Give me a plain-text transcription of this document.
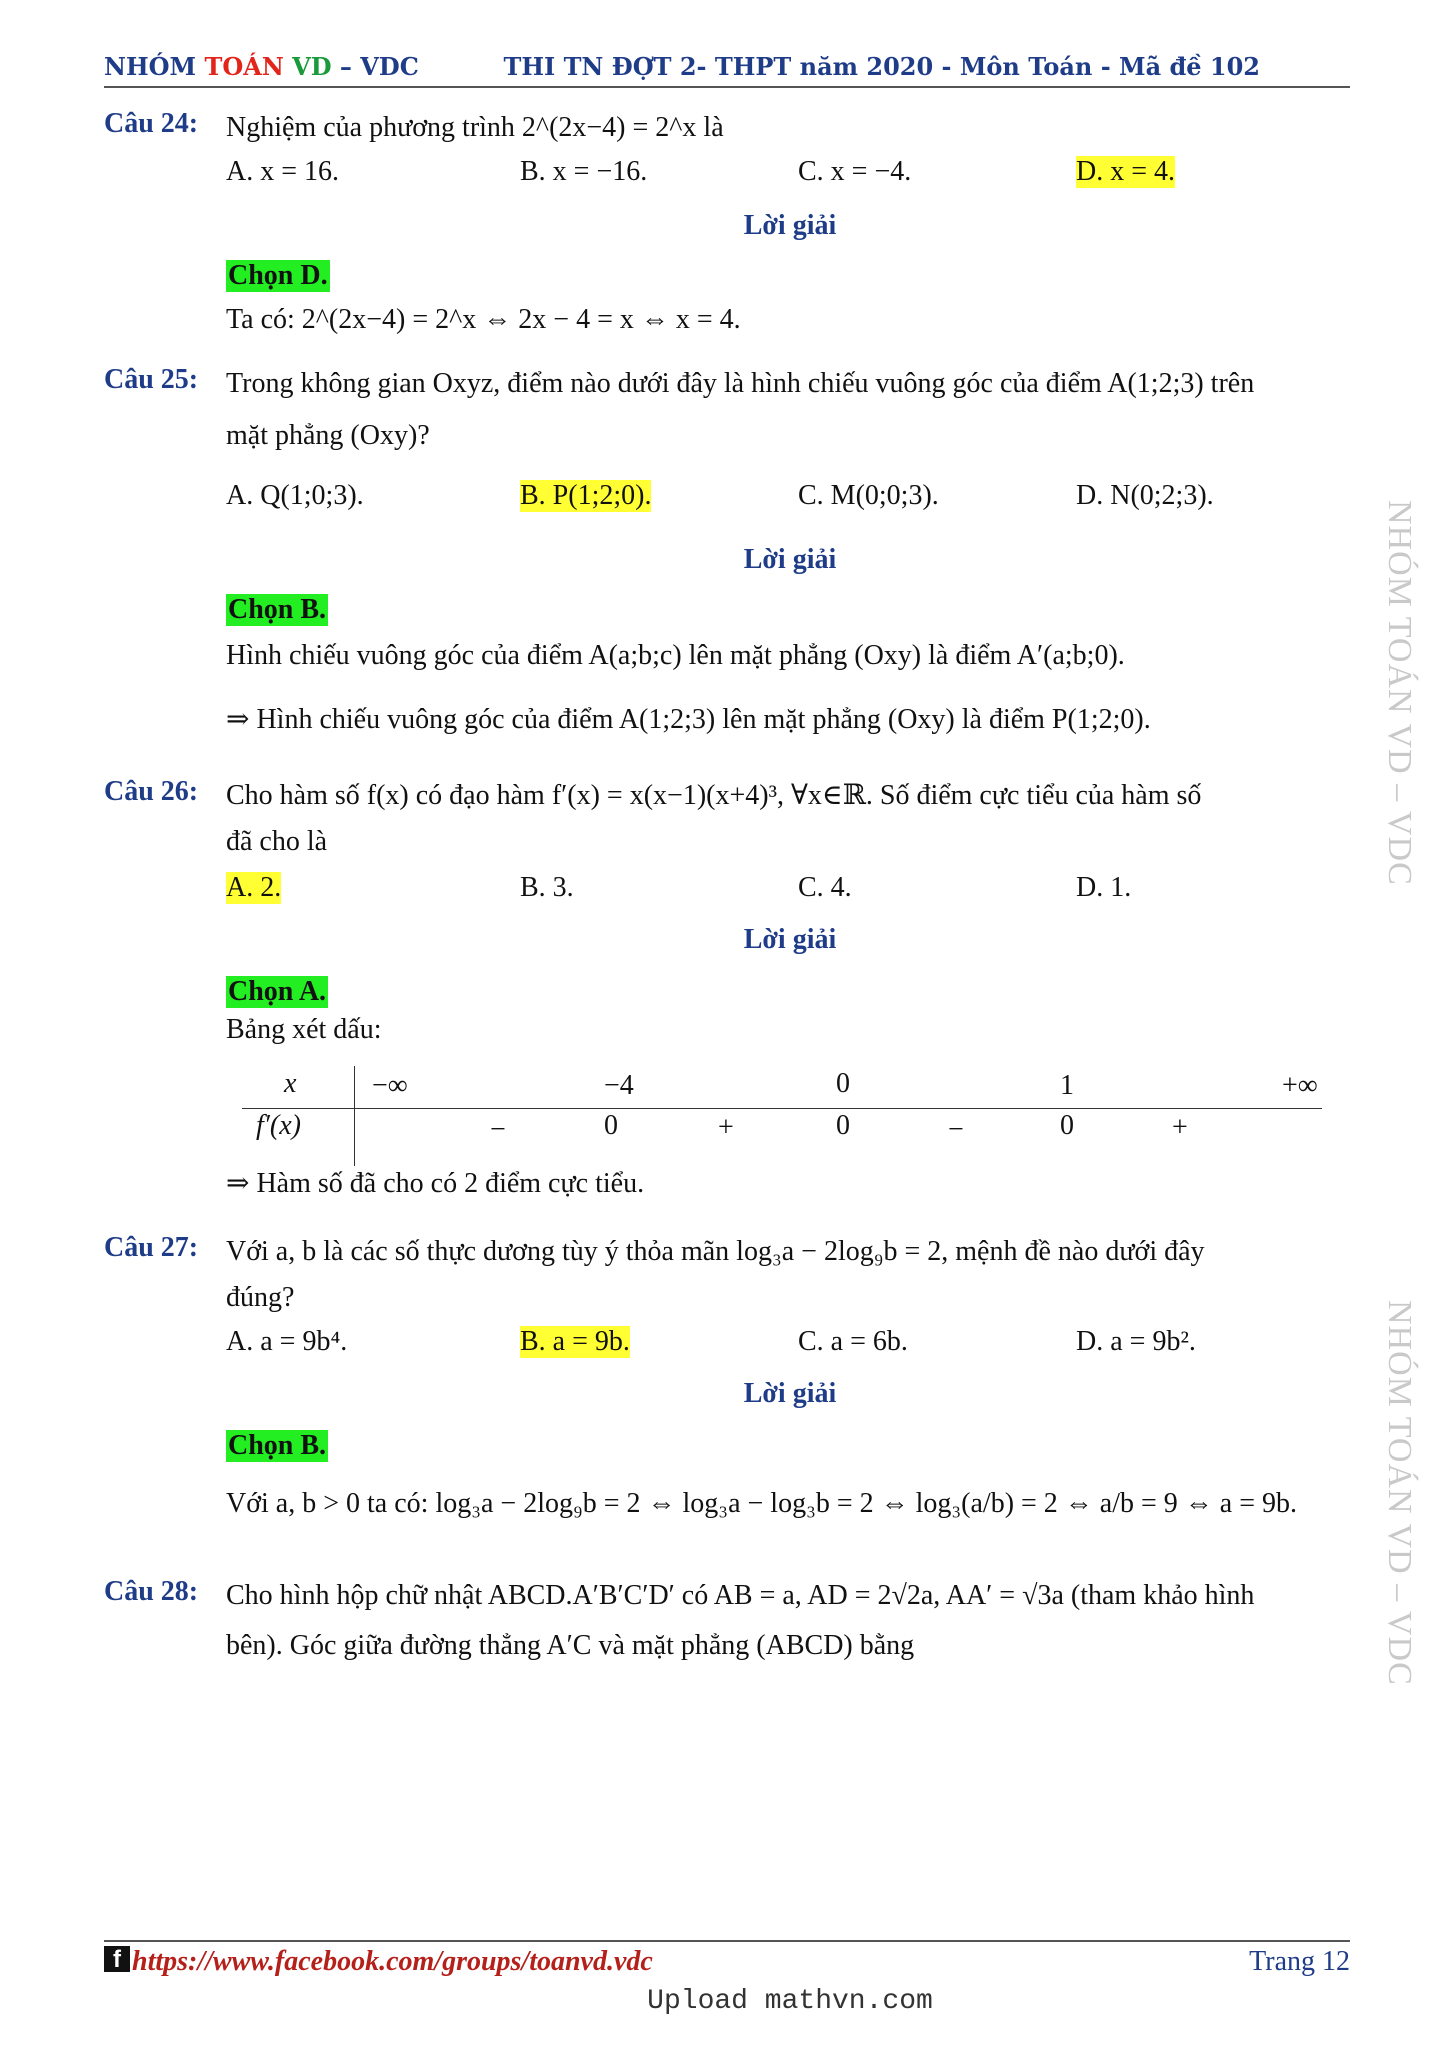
NHÓM TOÁN VD – VDC	THI TN ĐỢT 2- THPT năm 2020 - Môn Toán - Mã đề 102
NHÓM TOÁN VD – VDC
NHÓM TOÁN VD – VDC
Câu 24: Nghiệm của phương trình 2^(2x−4) = 2^x là
A. x = 16.	B. x = −16.	C. x = −4.	D. x = 4.
Lời giải
Chọn D.
Ta có: 2^(2x−4) = 2^x ⇔ 2x − 4 = x ⇔ x = 4.
Câu 25: Trong không gian Oxyz, điểm nào dưới đây là hình chiếu vuông góc của điểm A(1;2;3) trên
mặt phẳng (Oxy)?
A. Q(1;0;3).	B. P(1;2;0).	C. M(0;0;3).	D. N(0;2;3).
Lời giải
Chọn B.
Hình chiếu vuông góc của điểm A(a;b;c) lên mặt phẳng (Oxy) là điểm A′(a;b;0).
⇒ Hình chiếu vuông góc của điểm A(1;2;3) lên mặt phẳng (Oxy) là điểm P(1;2;0).
Câu 26: Cho hàm số f(x) có đạo hàm f′(x) = x(x−1)(x+4)³, ∀x∈ℝ. Số điểm cực tiểu của hàm số
đã cho là
A. 2.	B. 3.	C. 4.	D. 1.
Lời giải
Chọn A.
Bảng xét dấu:
x	−∞	−4	0	1	+∞
f′(x)	−	0	+	0	−	0	+
⇒ Hàm số đã cho có 2 điểm cực tiểu.
Câu 27: Với a, b là các số thực dương tùy ý thỏa mãn log₃a − 2log₉b = 2, mệnh đề nào dưới đây
đúng?
A. a = 9b⁴.	B. a = 9b.	C. a = 6b.	D. a = 9b².
Lời giải
Chọn B.
Với a, b > 0 ta có: log₃a − 2log₉b = 2 ⇔ log₃a − log₃b = 2 ⇔ log₃(a/b) = 2 ⇔ a/b = 9 ⇔ a = 9b.
Câu 28: Cho hình hộp chữ nhật ABCD.A′B′C′D′ có AB = a, AD = 2√2a, AA′ = √3a (tham khảo hình
bên). Góc giữa đường thẳng A′C và mặt phẳng (ABCD) bằng
f https://www.facebook.com/groups/toanvd.vdc	Trang 12
Upload mathvn.com
